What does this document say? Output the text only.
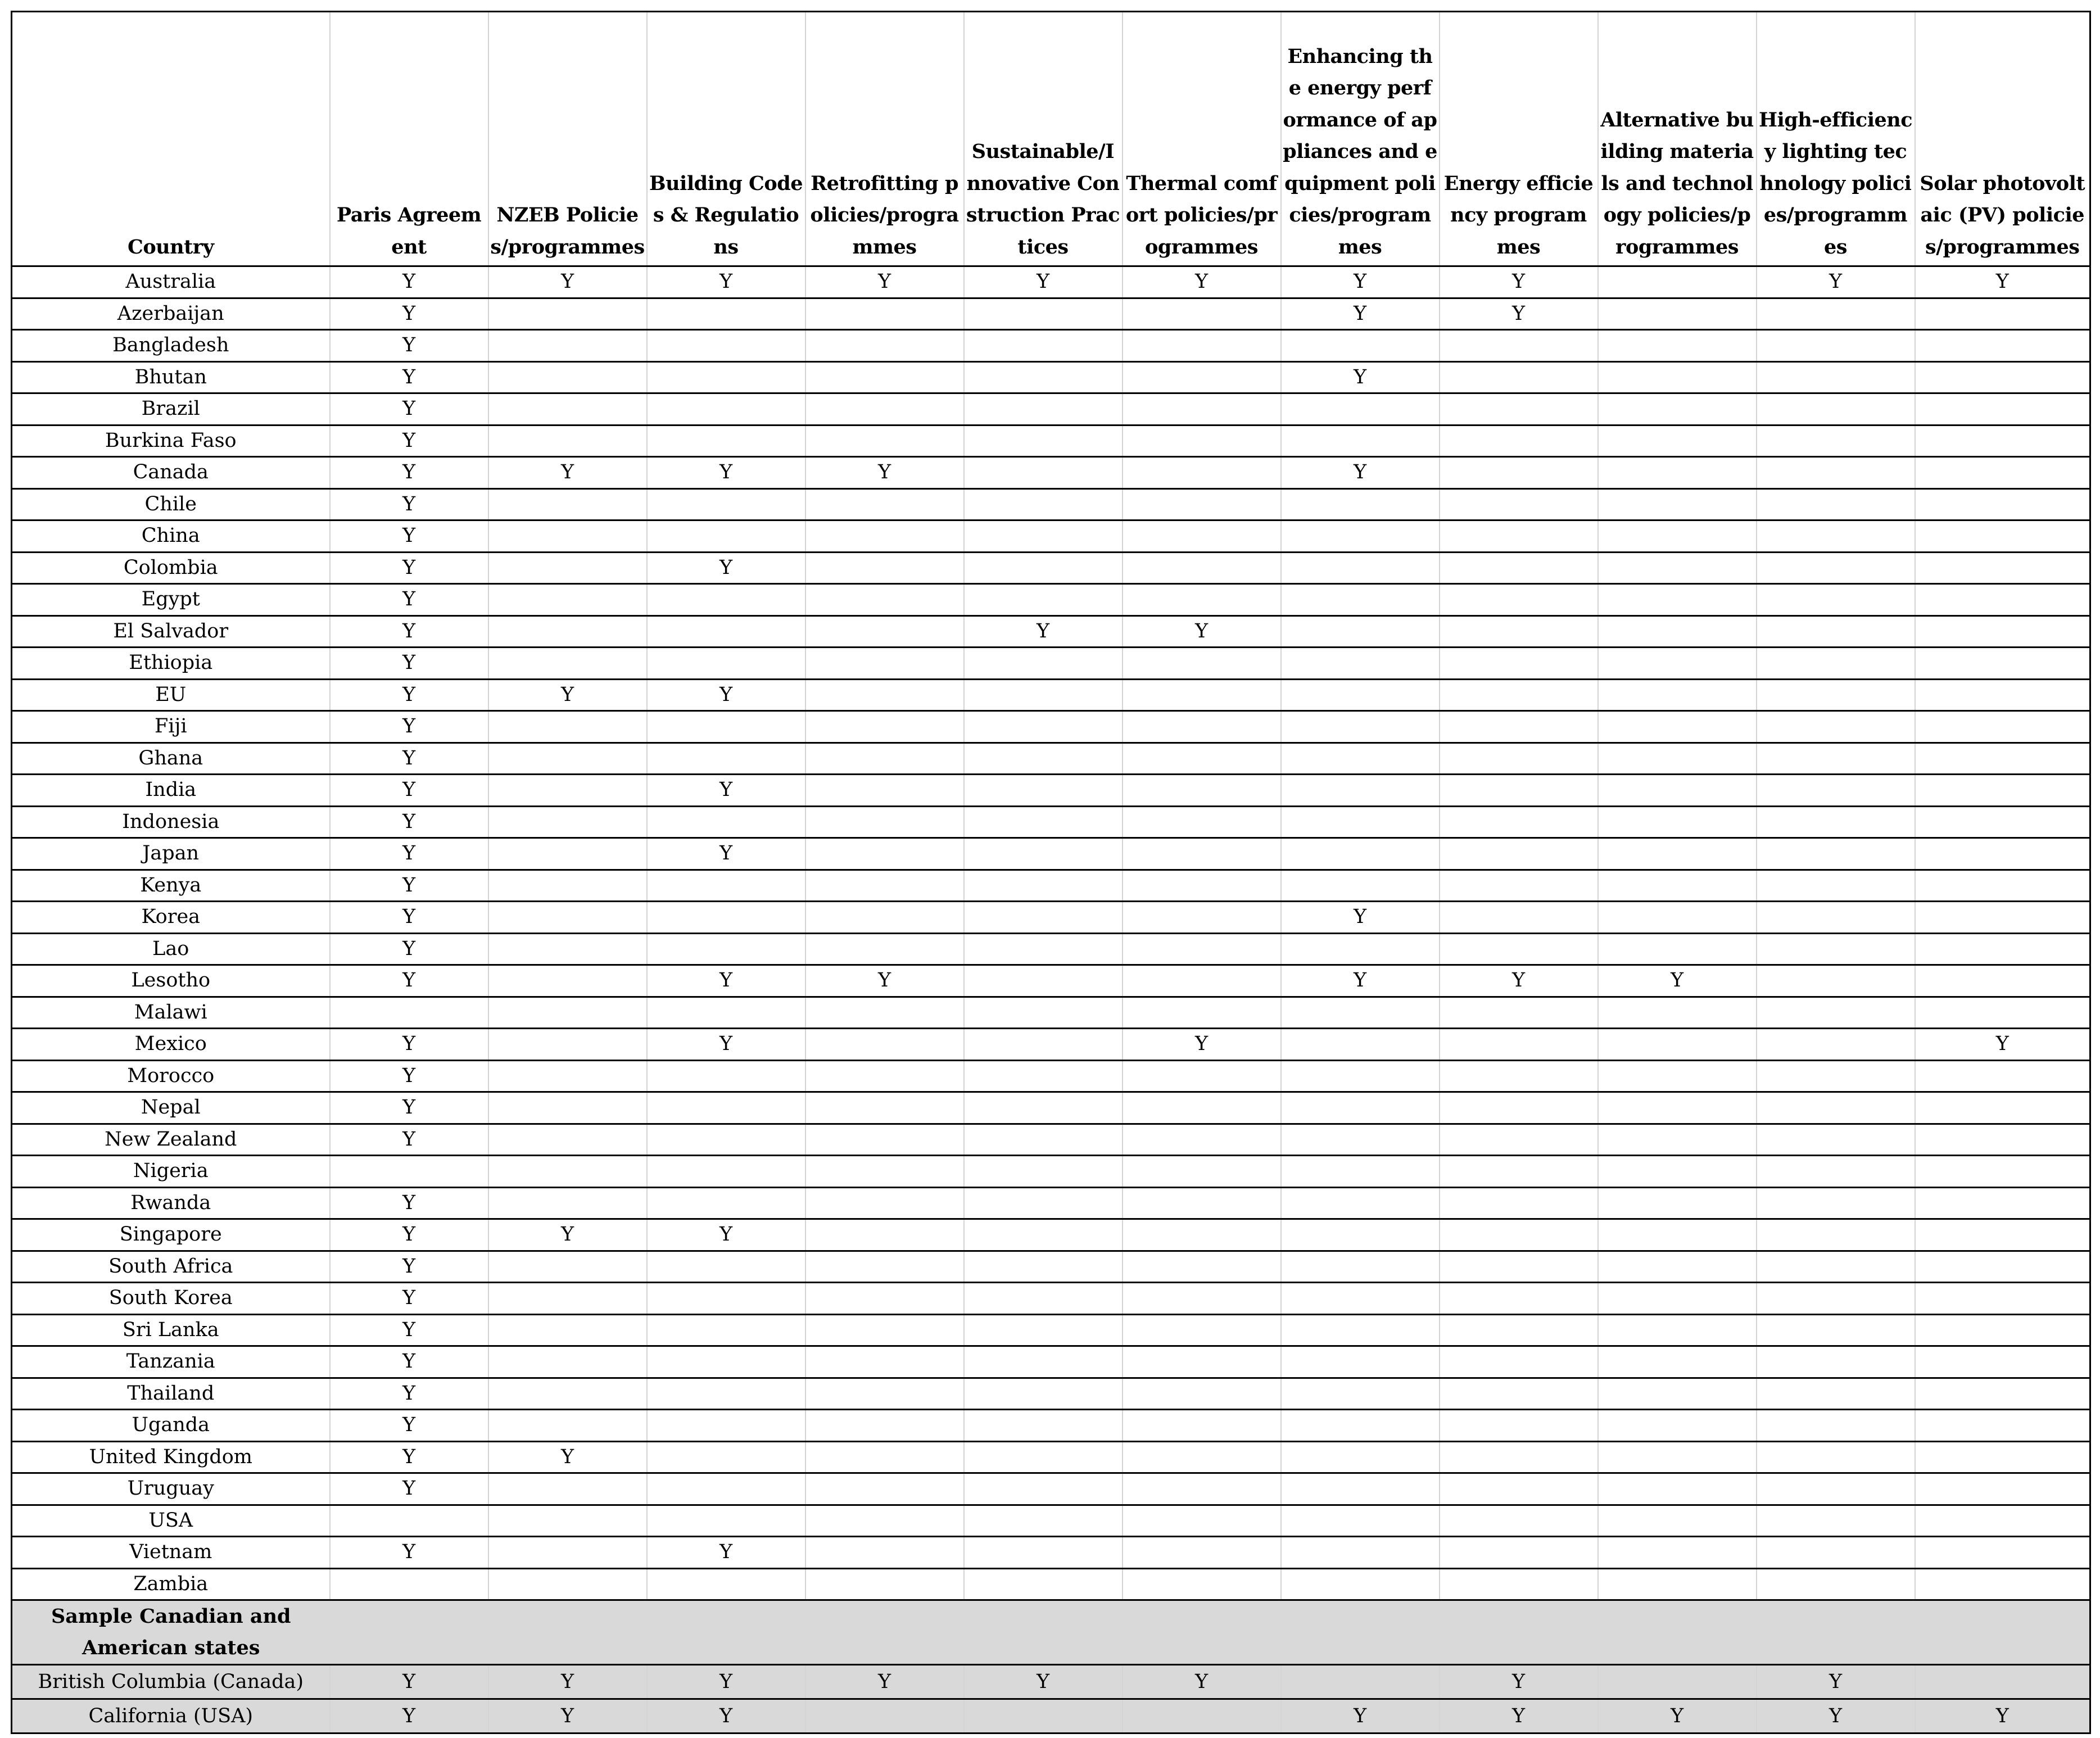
Country	Paris Agreement	NZEB Policies/programmes	Building Codes & Regulations	Retrofitting policies/programmes	Sustainable/Innovative Construction Practices	Thermal comfort policies/programmes	Enhancing the energy performance of appliances and equipment policies/programmes	Energy efficiency programmes	Alternative building materials and technology policies/programmes	High-efficiency lighting technology policies/programmes	Solar photovoltaic (PV) policies/programmes
Australia	Y	Y	Y	Y	Y	Y	Y	Y		Y	Y
Azerbaijan	Y						Y	Y			
Bangladesh	Y										
Bhutan	Y						Y				
Brazil	Y										
Burkina Faso	Y										
Canada	Y	Y	Y	Y			Y				
Chile	Y										
China	Y										
Colombia	Y		Y								
Egypt	Y										
El Salvador	Y				Y	Y					
Ethiopia	Y										
EU	Y	Y	Y								
Fiji	Y										
Ghana	Y										
India	Y		Y								
Indonesia	Y										
Japan	Y		Y								
Kenya	Y										
Korea	Y						Y				
Lao	Y										
Lesotho	Y		Y	Y			Y	Y	Y		
Malawi											
Mexico	Y		Y			Y					Y
Morocco	Y										
Nepal	Y										
New Zealand	Y										
Nigeria											
Rwanda	Y										
Singapore	Y	Y	Y								
South Africa	Y										
South Korea	Y										
Sri Lanka	Y										
Tanzania	Y										
Thailand	Y										
Uganda	Y										
United Kingdom	Y	Y									
Uruguay	Y										
USA											
Vietnam	Y		Y								
Zambia											
Sample Canadian and American states											
British Columbia (Canada)	Y	Y	Y	Y	Y	Y		Y		Y	
California (USA)	Y	Y	Y				Y	Y	Y	Y	Y
